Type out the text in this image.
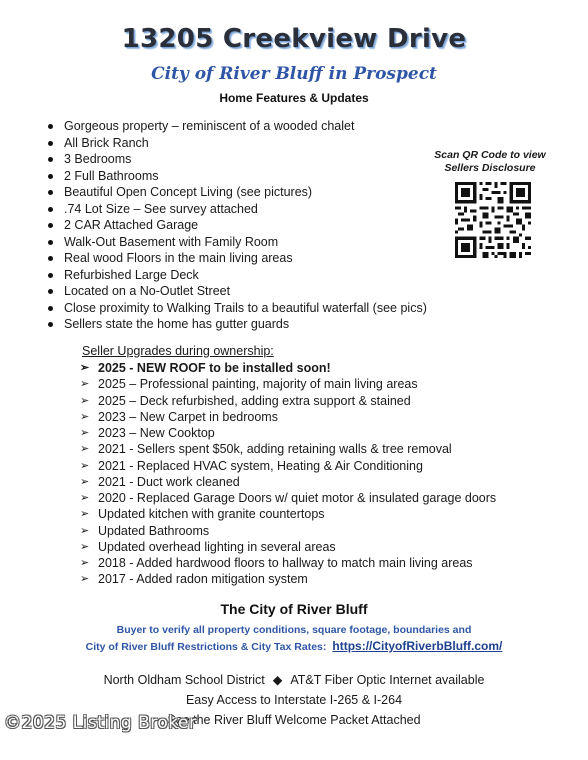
13205 Creekview Drive
City of River Bluff in Prospect
Home Features & Updates
Gorgeous property – reminiscent of a wooded chalet
All Brick Ranch
3 Bedrooms
2 Full Bathrooms
Beautiful Open Concept Living (see pictures)
.74 Lot Size – See survey attached
2 CAR Attached Garage
Walk-Out Basement with Family Room
Real wood Floors in the main living areas
Refurbished Large Deck
Located on a No-Outlet Street
Close proximity to Walking Trails to a beautiful waterfall (see pics)
Sellers state the home has gutter guards
Scan QR Code to view
Sellers Disclosure
Seller Upgrades during ownership:
➢ 2025 - NEW ROOF to be installed soon!
➢ 2025 – Professional painting, majority of main living areas
➢ 2025 – Deck refurbished, adding extra support & stained
➢ 2023 – New Carpet in bedrooms
➢ 2023 – New Cooktop
➢ 2021 - Sellers spent $50k, adding retaining walls & tree removal
➢ 2021 - Replaced HVAC system, Heating & Air Conditioning
➢ 2021 - Duct work cleaned
➢ 2020 - Replaced Garage Doors w/ quiet motor & insulated garage doors
➢ Updated kitchen with granite countertops
➢ Updated Bathrooms
➢ Updated overhead lighting in several areas
➢ 2018 - Added hardwood floors to hallway to match main living areas
➢ 2017 - Added radon mitigation system
The City of River Bluff
Buyer to verify all property conditions, square footage, boundaries and
City of River Bluff Restrictions & City Tax Rates: https://CityofRiverbBluff.com/
North Oldham School District ◆ AT&T Fiber Optic Internet available
Easy Access to Interstate I-265 & I-264
See the River Bluff Welcome Packet Attached
©2025 Listing Broker
